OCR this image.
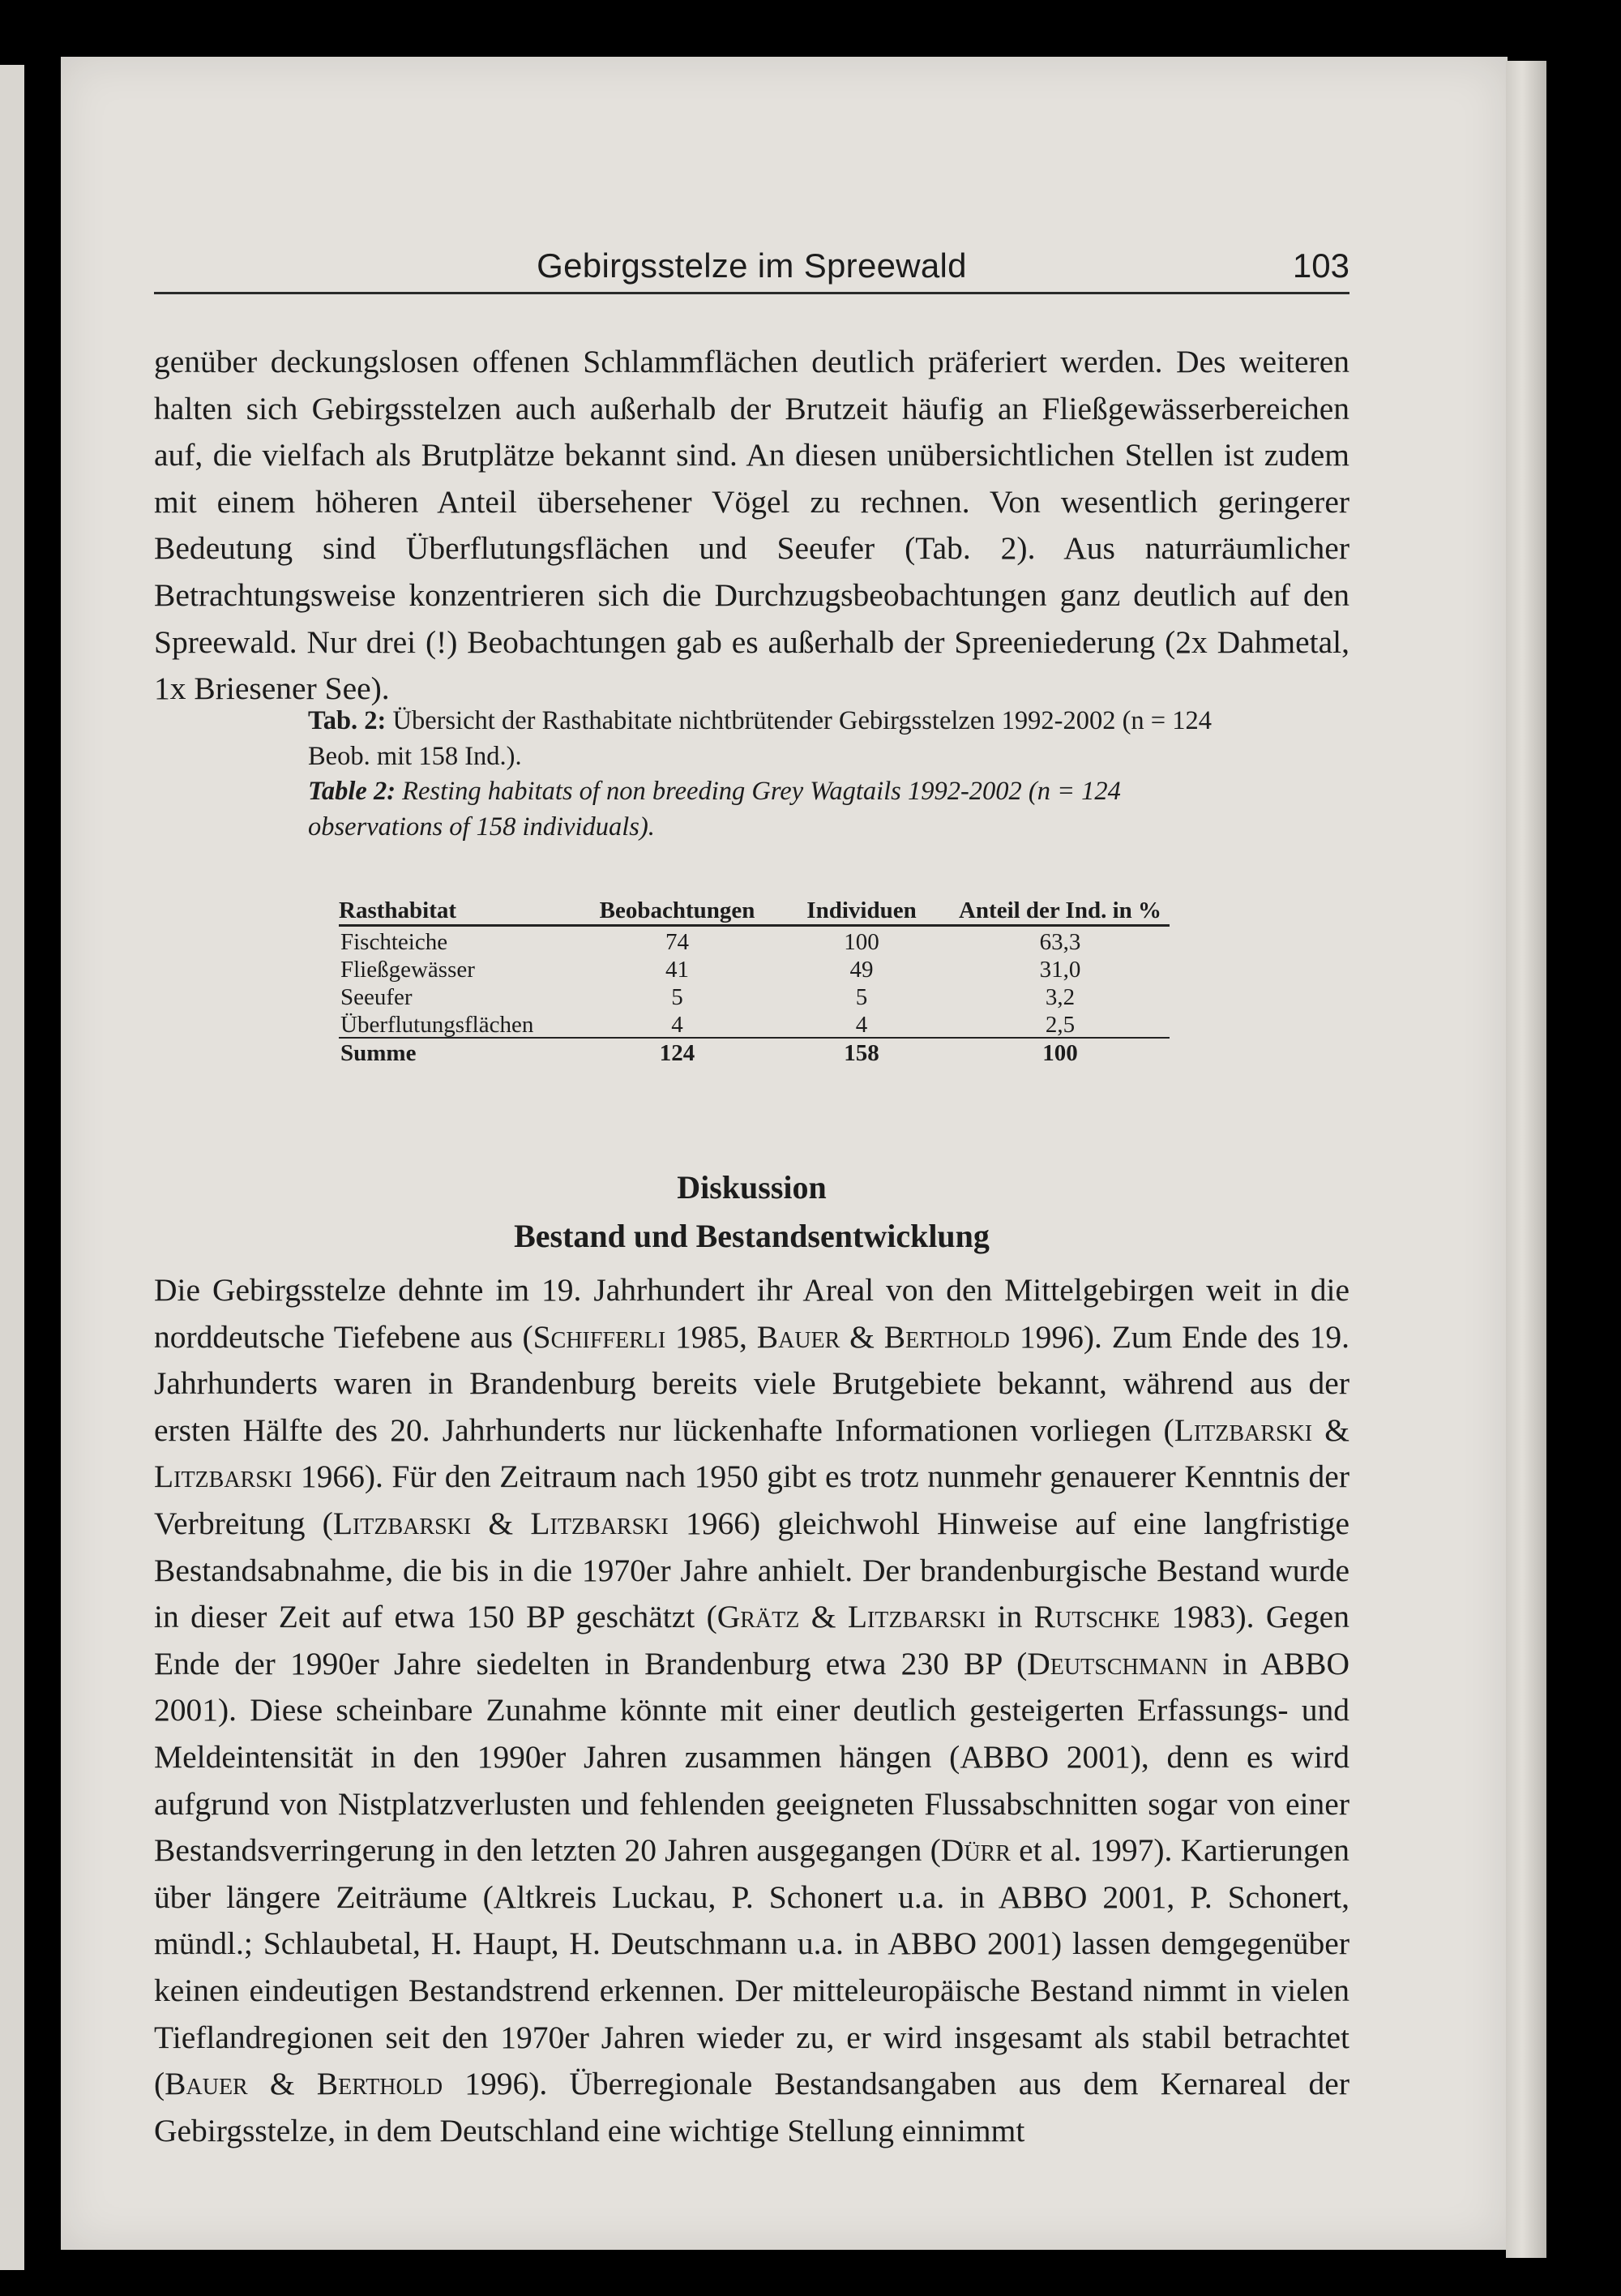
Gebirgsstelze im Spreewald	103

genüber deckungslosen offenen Schlammflächen deutlich präferiert werden. Des weiteren halten sich Gebirgsstelzen auch außerhalb der Brutzeit häufig an Fließgewässerbereichen auf, die vielfach als Brutplätze bekannt sind. An diesen unübersichtlichen Stellen ist zudem mit einem höheren Anteil übersehener Vögel zu rechnen. Von wesentlich geringerer Bedeutung sind Überflutungsflächen und Seeufer (Tab. 2). Aus naturräumlicher Betrachtungsweise konzentrieren sich die Durchzugsbeobachtungen ganz deutlich auf den Spreewald. Nur drei (!) Beobachtungen gab es außerhalb der Spreeniederung (2x Dahmetal, 1x Briesener See).

Tab. 2: Übersicht der Rasthabitate nichtbrütender Gebirgsstelzen 1992-2002 (n = 124 Beob. mit 158 Ind.).

Table 2: Resting habitats of non breeding Grey Wagtails 1992-2002 (n = 124 observations of 158 individuals).

Rasthabitat	Beobachtungen	Individuen	Anteil der Ind. in %
Fischteiche	74	100	63,3
Fließgewässer	41	49	31,0
Seeufer	5	5	3,2
Überflutungsflächen	4	4	2,5
Summe	124	158	100
Diskussion
Bestand und Bestandsentwicklung

Die Gebirgsstelze dehnte im 19. Jahrhundert ihr Areal von den Mittelgebirgen weit in die norddeutsche Tiefebene aus (Schifferli 1985, Bauer & Berthold 1996). Zum Ende des 19. Jahrhunderts waren in Brandenburg bereits viele Brutgebiete bekannt, während aus der ersten Hälfte des 20. Jahrhunderts nur lückenhafte Informationen vorliegen (Litzbarski & Litzbarski 1966). Für den Zeitraum nach 1950 gibt es trotz nunmehr genauerer Kenntnis der Verbreitung (Litzbarski & Litzbarski 1966) gleichwohl Hinweise auf eine langfristige Bestandsabnahme, die bis in die 1970er Jahre anhielt. Der brandenburgische Bestand wurde in dieser Zeit auf etwa 150 BP geschätzt (Grätz & Litzbarski in Rutschke 1983). Gegen Ende der 1990er Jahre siedelten in Brandenburg etwa 230 BP (Deutschmann in ABBO 2001). Diese scheinbare Zunahme könnte mit einer deutlich gesteigerten Erfassungs- und Meldeintensität in den 1990er Jahren zusammen hängen (ABBO 2001), denn es wird aufgrund von Nistplatzverlusten und fehlenden geeigneten Flussabschnitten sogar von einer Bestandsverringerung in den letzten 20 Jahren ausgegangen (Dürr et al. 1997). Kartierungen über längere Zeiträume (Altkreis Luckau, P. Schonert u.a. in ABBO 2001, P. Schonert, mündl.; Schlaubetal, H. Haupt, H. Deutschmann u.a. in ABBO 2001) lassen demgegenüber keinen eindeutigen Bestandstrend erkennen. Der mitteleuropäische Bestand nimmt in vielen Tieflandregionen seit den 1970er Jahren wieder zu, er wird insgesamt als stabil betrachtet (Bauer & Berthold 1996). Überregionale Bestandsangaben aus dem Kernareal der Gebirgsstelze, in dem Deutschland eine wichtige Stellung einnimmt
